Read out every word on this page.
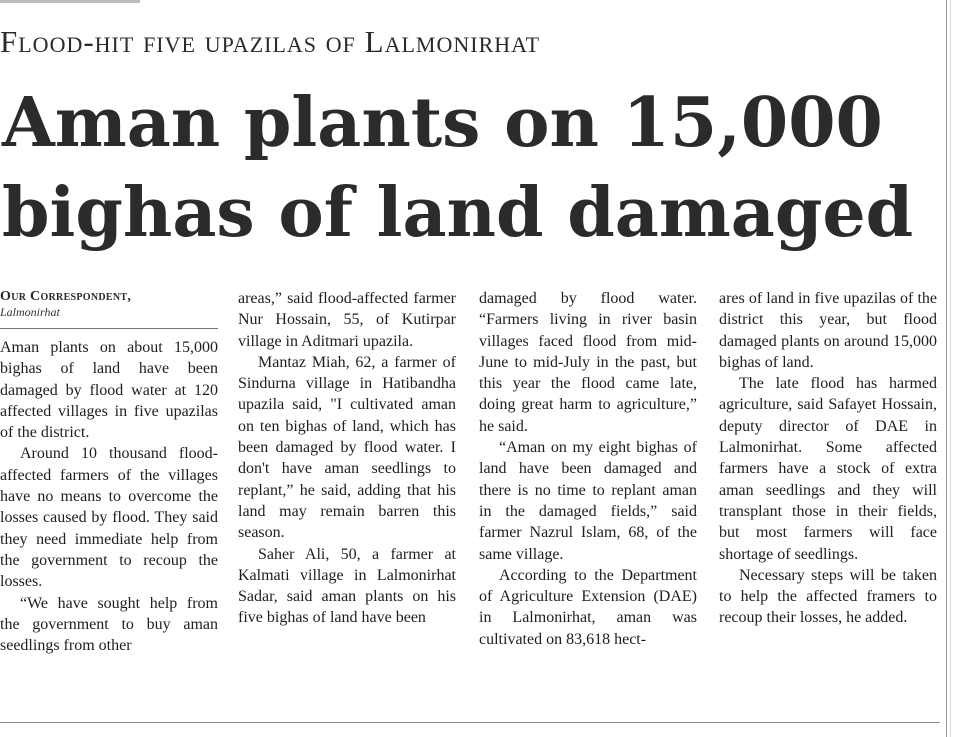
Flood-hit five upazilas of Lalmonirhat
Aman plants on 15,000
bighas of land damaged
Our Correspondent,
Lalmonirhat

Aman plants on about 15,000 bighas of land have been damaged by flood water at 120 affected villages in five upazilas of the district.

Around 10 thousand flood-affected farmers of the villages have no means to overcome the losses caused by flood. They said they need immediate help from the government to recoup the losses.

“We have sought help from the government to buy aman seedlings from other

areas,” said flood-affected farmer Nur Hossain, 55, of Kutirpar village in Aditmari upazila.

Mantaz Miah, 62, a farmer of Sindurna village in Hatibandha upazila said, "I cultivated aman on ten bighas of land, which has been damaged by flood water. I don't have aman seedlings to replant,” he said, adding that his land may remain barren this season.

Saher Ali, 50, a farmer at Kalmati village in Lalmonirhat Sadar, said aman plants on his five bighas of land have been

damaged by flood water. “Farmers living in river basin villages faced flood from mid-June to mid-July in the past, but this year the flood came late, doing great harm to agriculture,” he said.

“Aman on my eight bighas of land have been damaged and there is no time to replant aman in the damaged fields,” said farmer Nazrul Islam, 68, of the same village.

According to the Department of Agriculture Extension (DAE) in Lalmonirhat, aman was cultivated on 83,618 hect-

ares of land in five upazilas of the district this year, but flood damaged plants on around 15,000 bighas of land.

The late flood has harmed agriculture, said Safayet Hossain, deputy director of DAE in Lalmonirhat. Some affected farmers have a stock of extra aman seedlings and they will transplant those in their fields, but most farmers will face shortage of seedlings.

Necessary steps will be taken to help the affected framers to recoup their losses, he added.
